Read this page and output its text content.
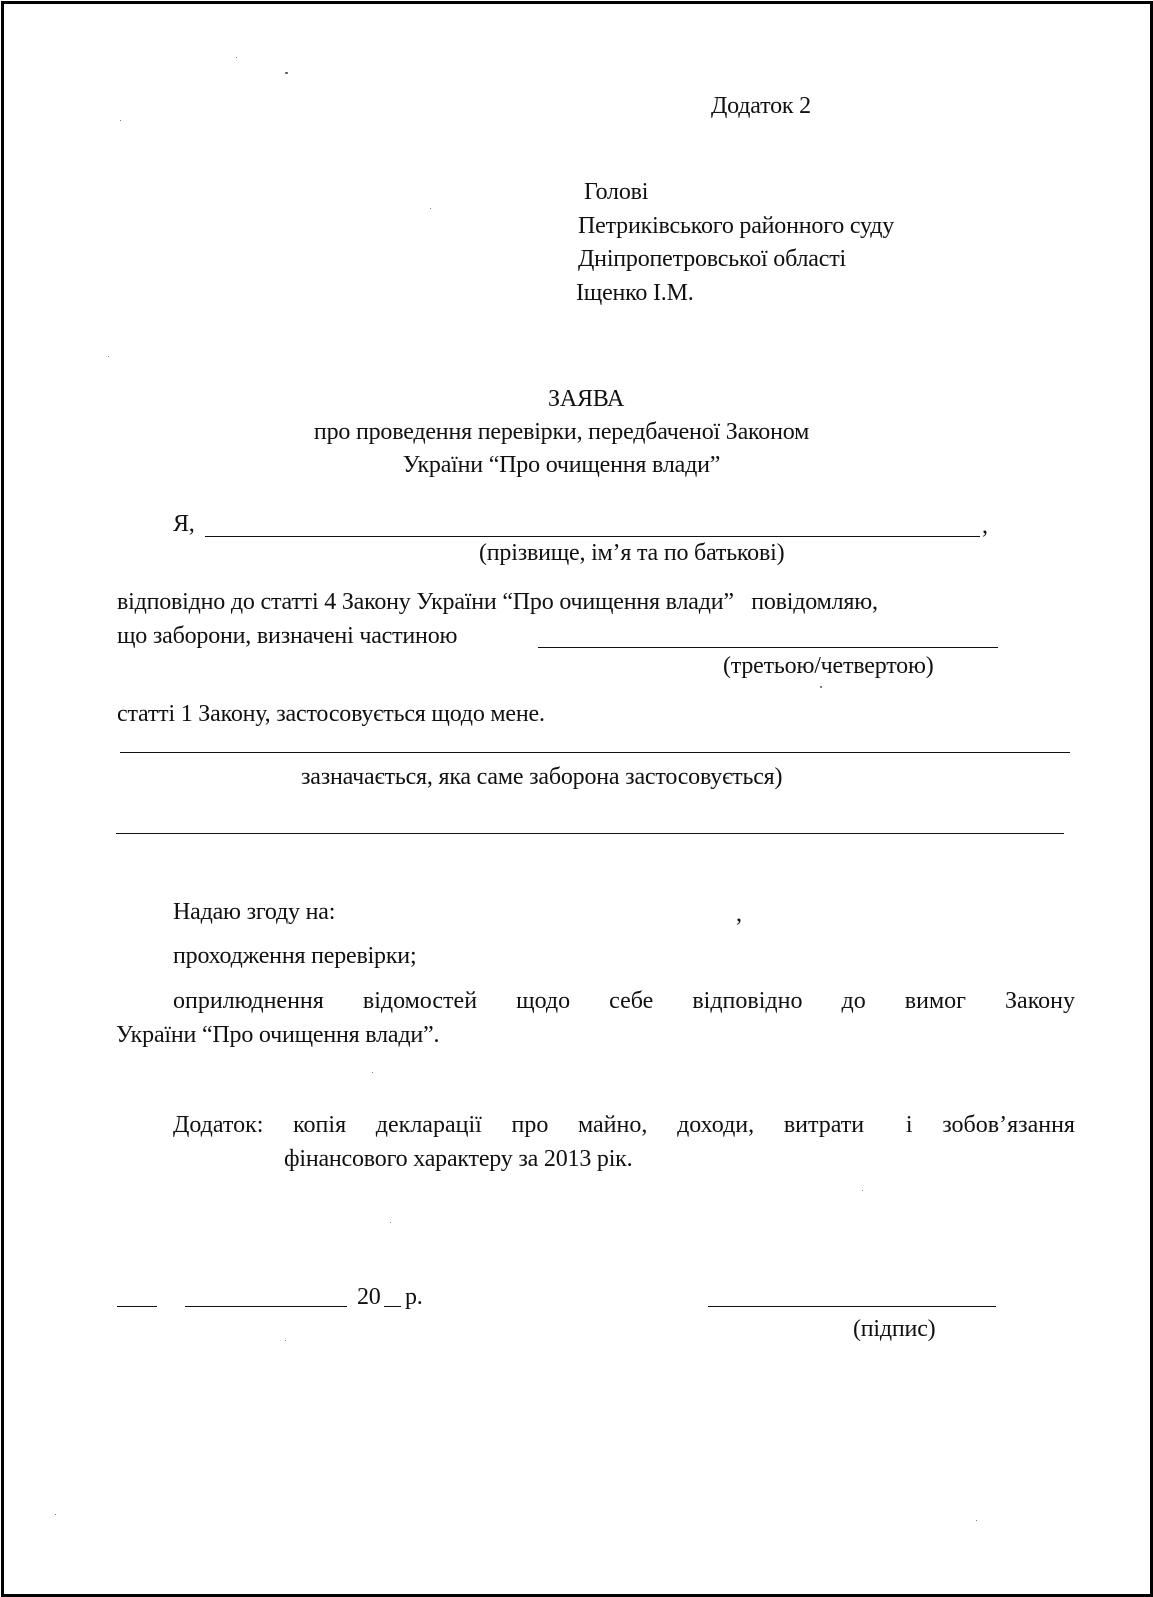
Додаток 2
Голові
Петриківського районного суду
Дніпропетровської області
Іщенко І.М.
ЗАЯВА
про проведення перевірки, передбаченої Законом
України “Про очищення влади”
Я,	,
(прізвище, ім’я та по батькові)
відповідно до статті 4 Закону України “Про очищення влади”   повідомляю,
що заборони, визначені частиною
(третьою/четвертою)
статті 1 Закону, застосовується щодо мене.
зазначається, яка саме заборона застосовується)
Надаю згоду на:	,
проходження перевірки;
оприлюднення відомостей щодо себе відповідно до вимог Закону
України “Про очищення влади”.
Додаток: копія декларації про майно, доходи, витрати і зобов’язання
фінансового характеру за 2013 рік.
20 р.
(підпис)
